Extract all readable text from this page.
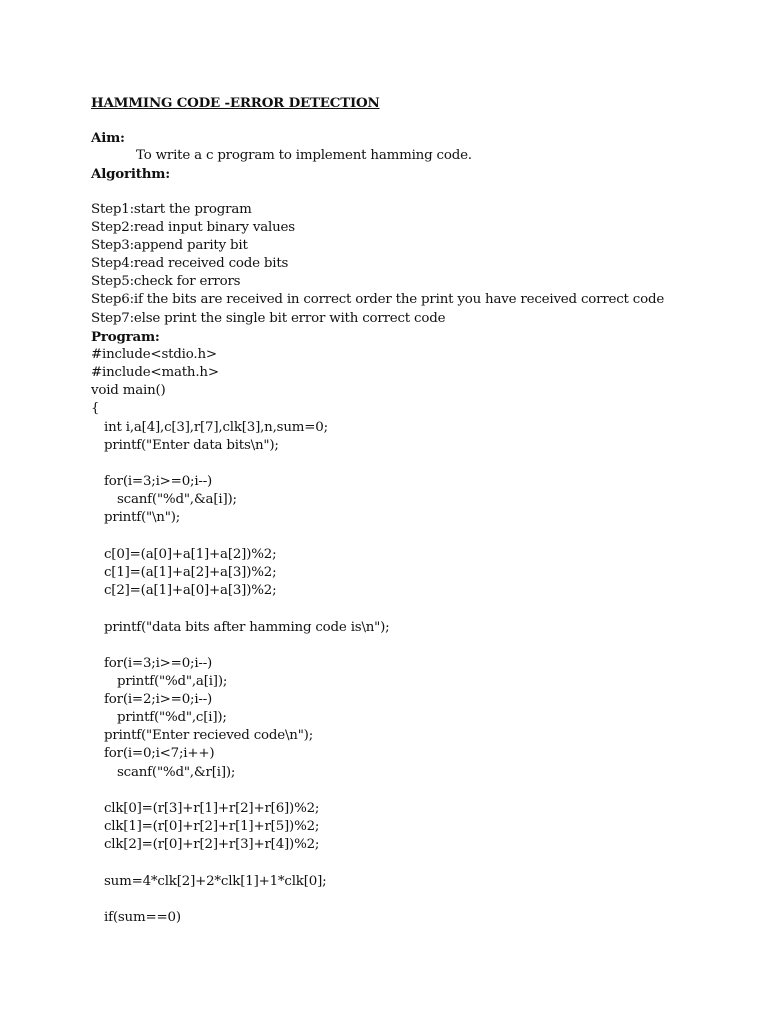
HAMMING CODE -ERROR DETECTION
Aim:
To write a c program to implement hamming code.
Algorithm:
Step1:start the program
Step2:read input binary values
Step3:append parity bit
Step4:read received code bits
Step5:check for errors
Step6:if the bits are received in correct order the print you have received correct code
Step7:else print the single bit error with correct code
Program:
#include<stdio.h>
#include<math.h>
void main()
{
int i,a[4],c[3],r[7],clk[3],n,sum=0;
printf("Enter data bits\n");
for(i=3;i>=0;i--)
scanf("%d",&a[i]);
printf("\n");
c[0]=(a[0]+a[1]+a[2])%2;
c[1]=(a[1]+a[2]+a[3])%2;
c[2]=(a[1]+a[0]+a[3])%2;
printf("data bits after hamming code is\n");
for(i=3;i>=0;i--)
printf("%d",a[i]);
for(i=2;i>=0;i--)
printf("%d",c[i]);
printf("Enter recieved code\n");
for(i=0;i<7;i++)
scanf("%d",&r[i]);
clk[0]=(r[3]+r[1]+r[2]+r[6])%2;
clk[1]=(r[0]+r[2]+r[1]+r[5])%2;
clk[2]=(r[0]+r[2]+r[3]+r[4])%2;
sum=4*clk[2]+2*clk[1]+1*clk[0];
if(sum==0)
